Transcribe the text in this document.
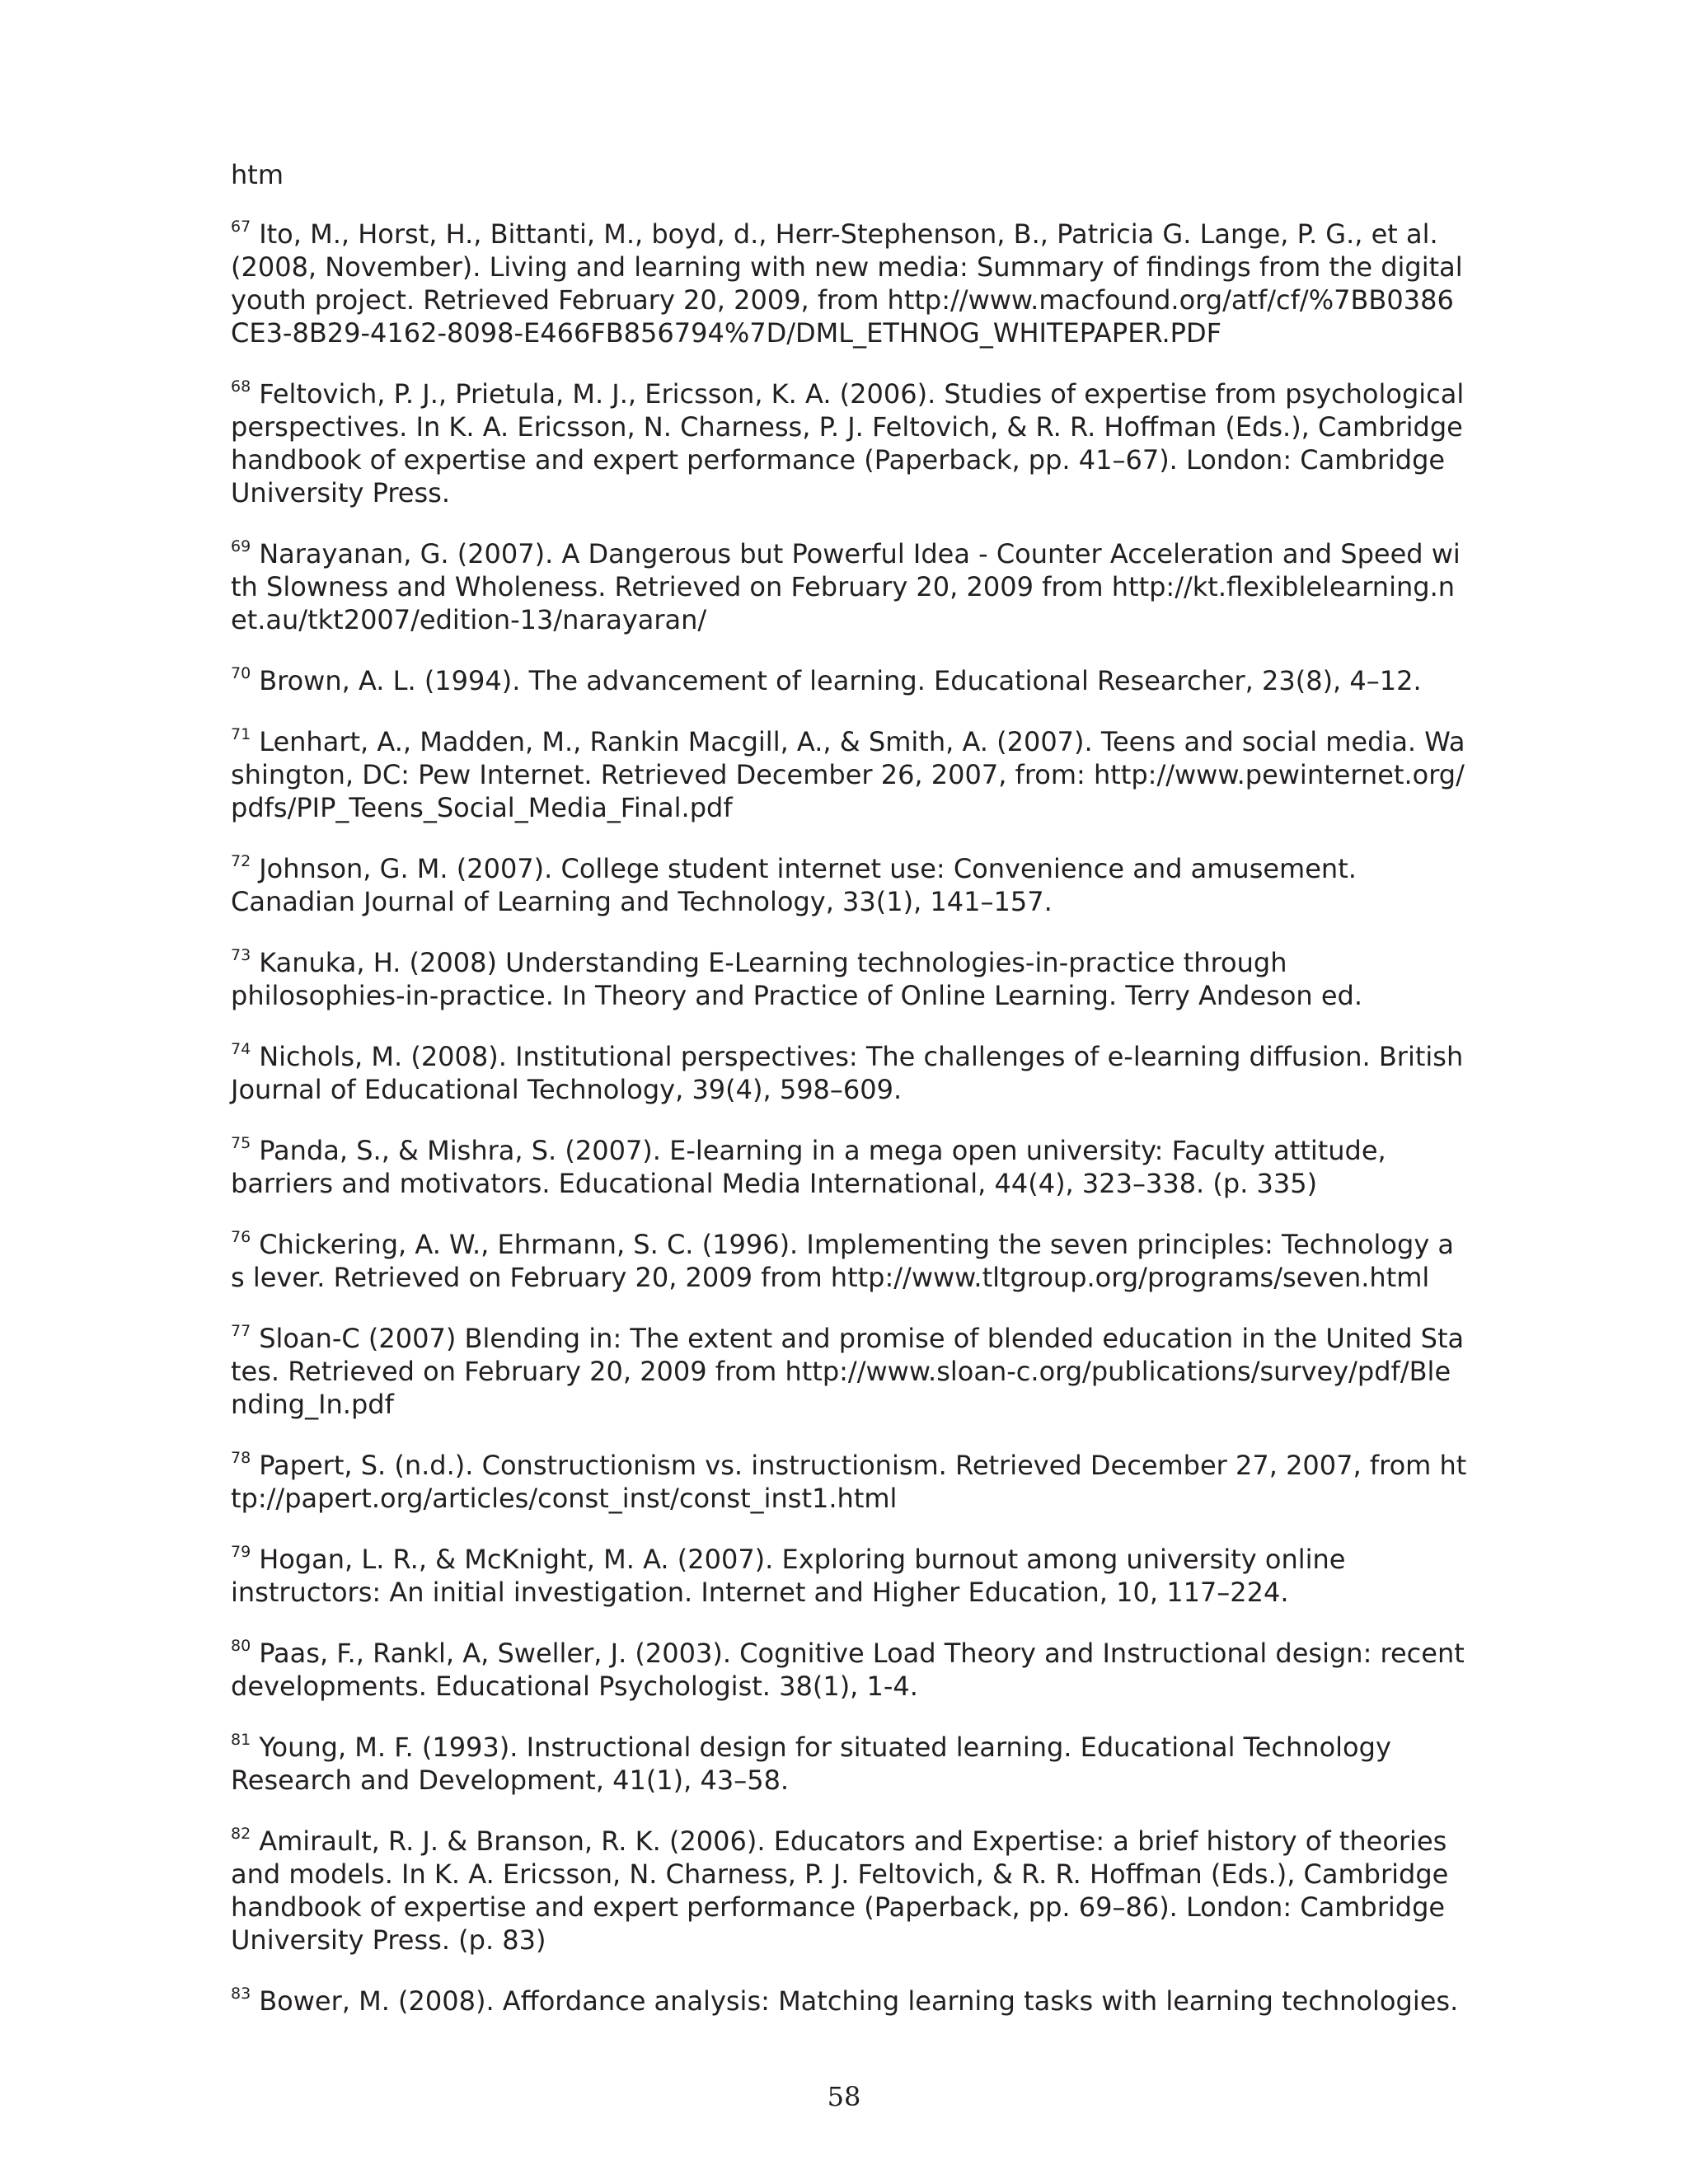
htm

$^{67}$ Ito, M., Horst, H., Bittanti, M., boyd, d., Herr-Stephenson, B., Patricia G. Lange, P. G., et al. (2008, November). Living and learning with new media: Summary of findings from the digital youth project. Retrieved February 20, 2009, from http://www.macfound.org/atf/cf/%7BB0386CE3-8B29-4162-8098-E466FB856794%7D/DML_ETHNOG_WHITEPAPER.PDF

$^{68}$ Feltovich, P. J., Prietula, M. J., Ericsson, K. A. (2006). Studies of expertise from psychological perspectives. In K. A. Ericsson, N. Charness, P. J. Feltovich, & R. R. Hoffman (Eds.), Cambridge handbook of expertise and expert performance (Paperback, pp. 41–67). London: Cambridge University Press.

$^{69}$ Narayanan, G. (2007). A Dangerous but Powerful Idea - Counter Acceleration and Speed with Slowness and Wholeness. Retrieved on February 20, 2009 from http://kt.flexiblelearning.net.au/tkt2007/edition-13/narayaran/

$^{70}$ Brown, A. L. (1994). The advancement of learning. Educational Researcher, 23(8), 4–12.

$^{71}$ Lenhart, A., Madden, M., Rankin Macgill, A., & Smith, A. (2007). Teens and social media. Washington, DC: Pew Internet. Retrieved December 26, 2007, from: http://www.pewinternet.org/pdfs/PIP_Teens_Social_Media_Final.pdf

$^{72}$ Johnson, G. M. (2007). College student internet use: Convenience and amusement. Canadian Journal of Learning and Technology, 33(1), 141–157.

$^{73}$ Kanuka, H. (2008) Understanding E-Learning technologies-in-practice through philosophies-in-practice. In Theory and Practice of Online Learning. Terry Andeson ed.

$^{74}$ Nichols, M. (2008). Institutional perspectives: The challenges of e-learning diffusion. British Journal of Educational Technology, 39(4), 598–609.

$^{75}$ Panda, S., & Mishra, S. (2007). E-learning in a mega open university: Faculty attitude, barriers and motivators. Educational Media International, 44(4), 323–338. (p. 335)

$^{76}$ Chickering, A. W., Ehrmann, S. C. (1996). Implementing the seven principles: Technology as lever. Retrieved on February 20, 2009 from http://www.tltgroup.org/programs/seven.html

$^{77}$ Sloan-C (2007) Blending in: The extent and promise of blended education in the United States. Retrieved on February 20, 2009 from http://www.sloan-c.org/publications/survey/pdf/Blending_In.pdf

$^{78}$ Papert, S. (n.d.). Constructionism vs. instructionism. Retrieved December 27, 2007, from http://papert.org/articles/const_inst/const_inst1.html

$^{79}$ Hogan, L. R., & McKnight, M. A. (2007). Exploring burnout among university online instructors: An initial investigation. Internet and Higher Education, 10, 117–224.

$^{80}$ Paas, F., Rankl, A, Sweller, J. (2003). Cognitive Load Theory and Instructional design: recent developments. Educational Psychologist. 38(1), 1-4.

$^{81}$ Young, M. F. (1993). Instructional design for situated learning. Educational Technology Research and Development, 41(1), 43–58.

$^{82}$ Amirault, R. J. & Branson, R. K. (2006). Educators and Expertise: a brief history of theories and models. In K. A. Ericsson, N. Charness, P. J. Feltovich, & R. R. Hoffman (Eds.), Cambridge handbook of expertise and expert performance (Paperback, pp. 69–86). London: Cambridge University Press. (p. 83)

$^{83}$ Bower, M. (2008). Affordance analysis: Matching learning tasks with learning technologies.

58
